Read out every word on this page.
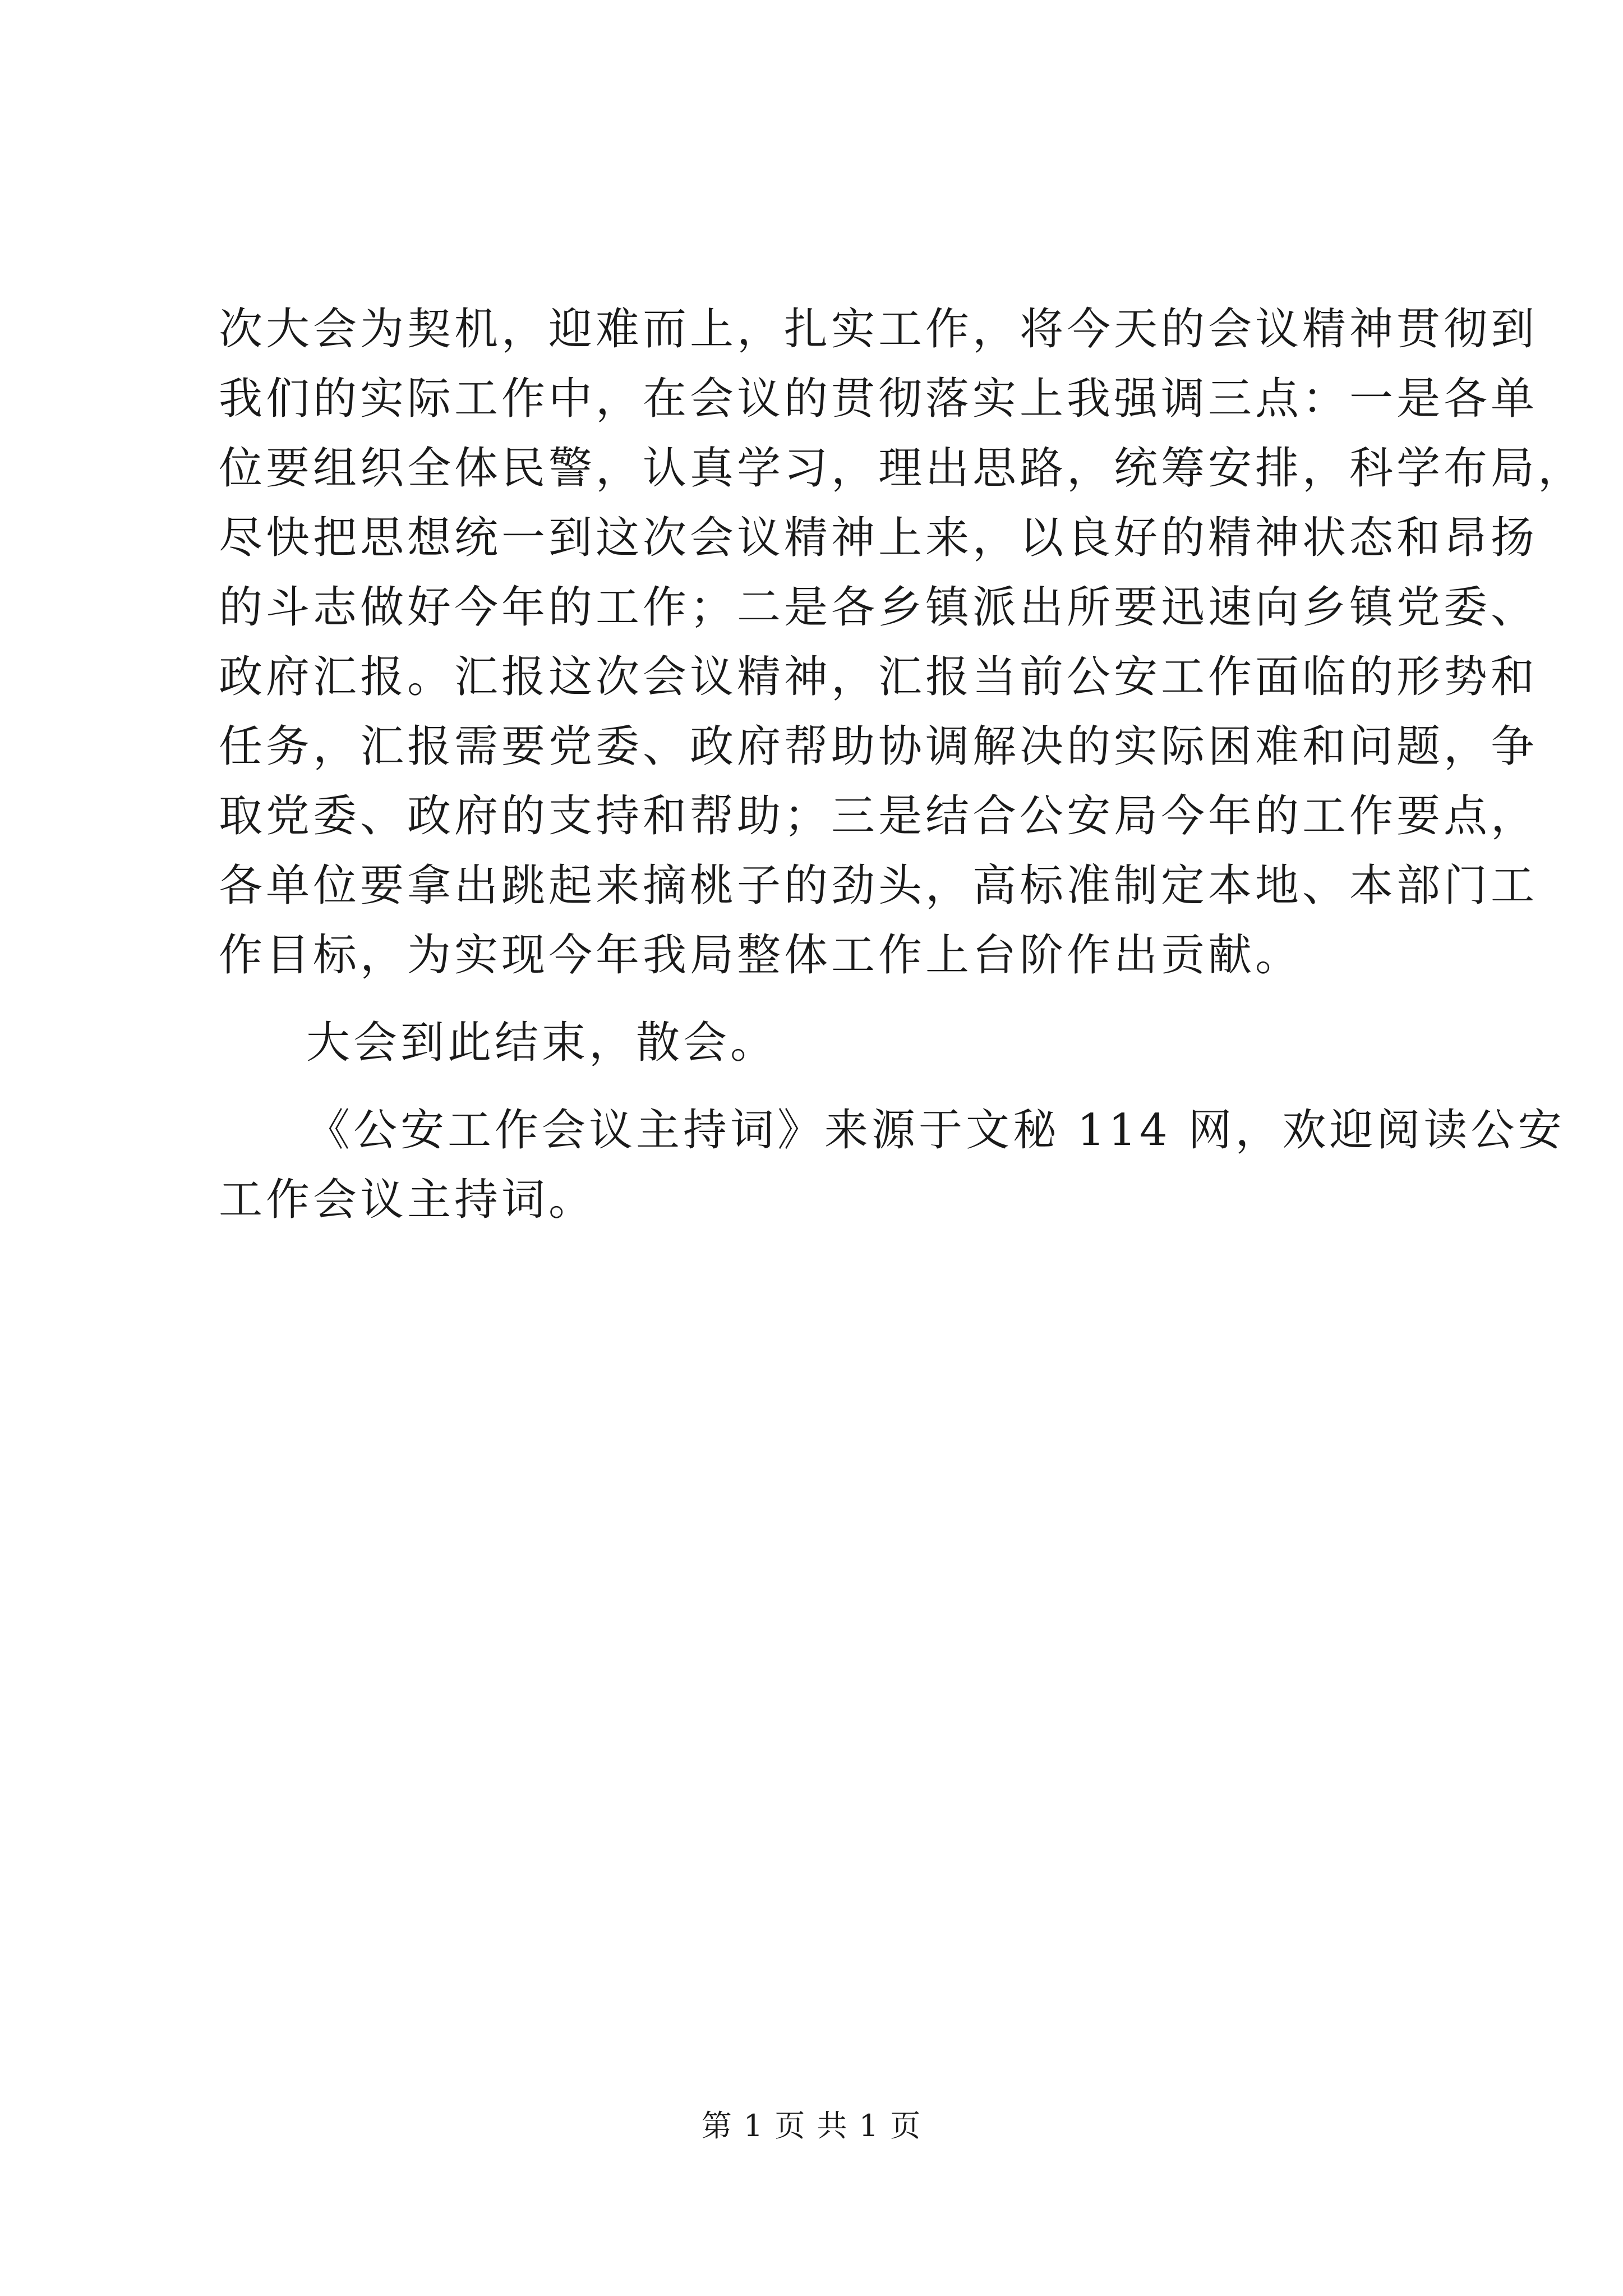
次大会为契机，迎难而上，扎实工作，将今天的会议精神贯彻到
我们的实际工作中，在会议的贯彻落实上我强调三点：一是各单
位要组织全体民警，认真学习，理出思路，统筹安排，科学布局，
尽快把思想统一到这次会议精神上来，以良好的精神状态和昂扬
的斗志做好今年的工作；二是各乡镇派出所要迅速向乡镇党委、
政府汇报。汇报这次会议精神，汇报当前公安工作面临的形势和
任务，汇报需要党委、政府帮助协调解决的实际困难和问题，争
取党委、政府的支持和帮助；三是结合公安局今年的工作要点，
各单位要拿出跳起来摘桃子的劲头，高标准制定本地、本部门工
作目标，为实现今年我局整体工作上台阶作出贡献。
大会到此结束，散会。
《公安工作会议主持词》来源于文秘 114 网，欢迎阅读公安
工作会议主持词。
第 1 页 共 1 页
